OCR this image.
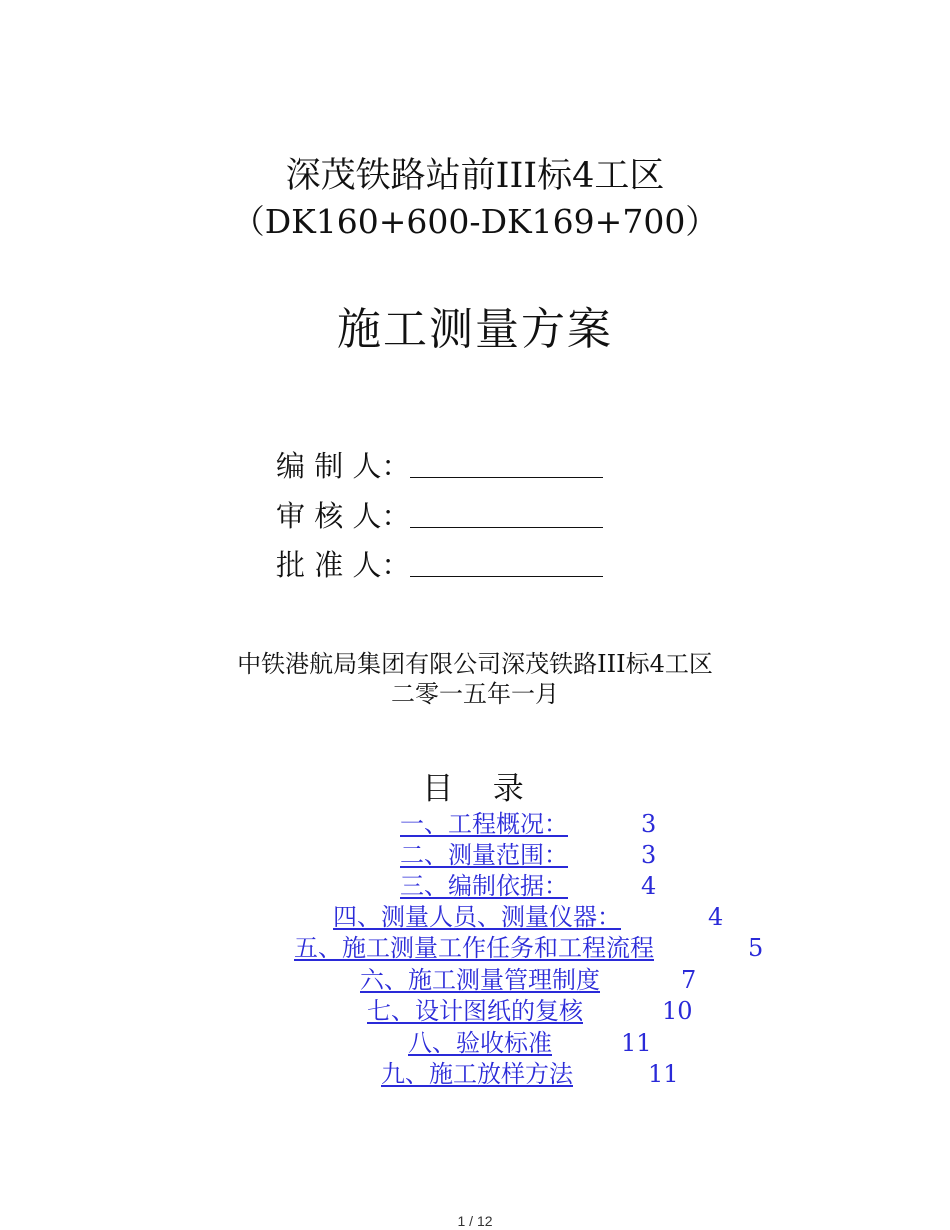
深茂铁路站前III标4工区
（DK160+600-DK169+700）
施工测量方案
编 制 人：
审 核 人：
批 准 人：
中铁港航局集团有限公司深茂铁路III标4工区
二零一五年一月
目    录
一、工程概况：	3
二、测量范围：	3
三、编制依据：	4
四、测量人员、测量仪器：	4
五、施工测量工作任务和工程流程	5
六、施工测量管理制度	7
七、设计图纸的复核	10
八、验收标准	11
九、施工放样方法	11
1 / 12
